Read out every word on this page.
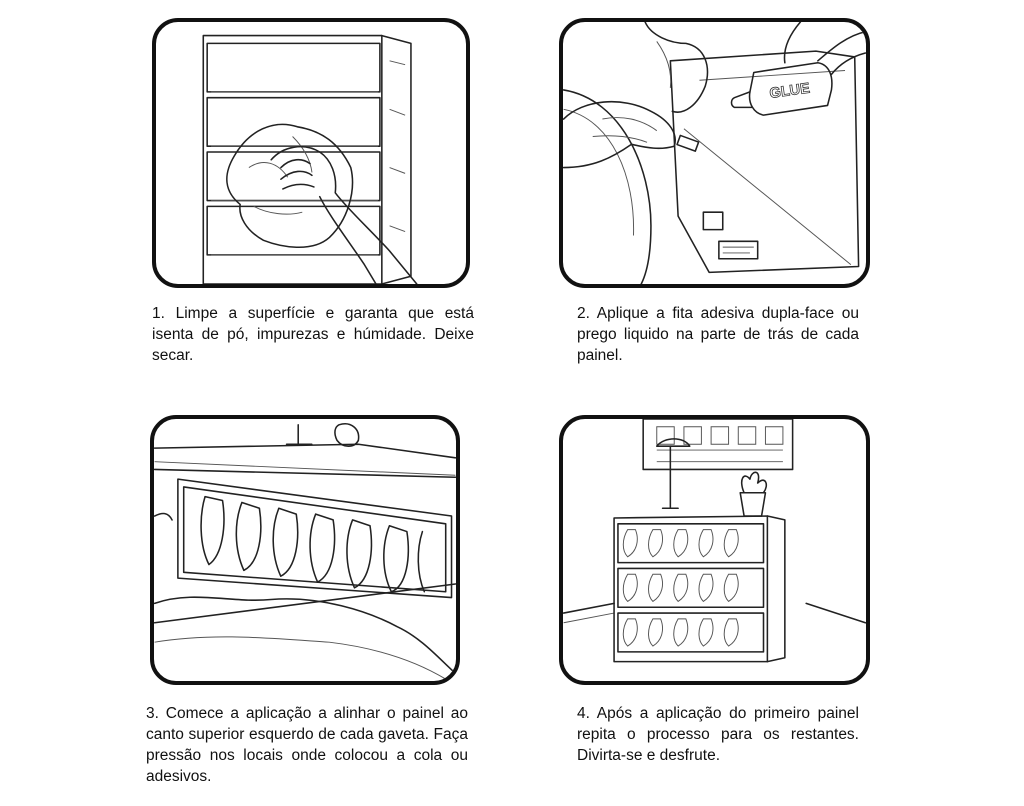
1. Limpe a superfície e garanta que está isenta de pó, impurezas e húmidade. Deixe secar.
GLUE
2. Aplique a fita adesiva dupla-face ou prego liquido na parte de trás de cada painel.
3. Comece a aplicação a alinhar o painel ao canto superior esquerdo de cada gaveta. Faça pressão nos locais onde colocou a cola ou adesivos.
4. Após a aplicação do primeiro painel repita o processo para os restantes. Divirta-se e desfrute.
